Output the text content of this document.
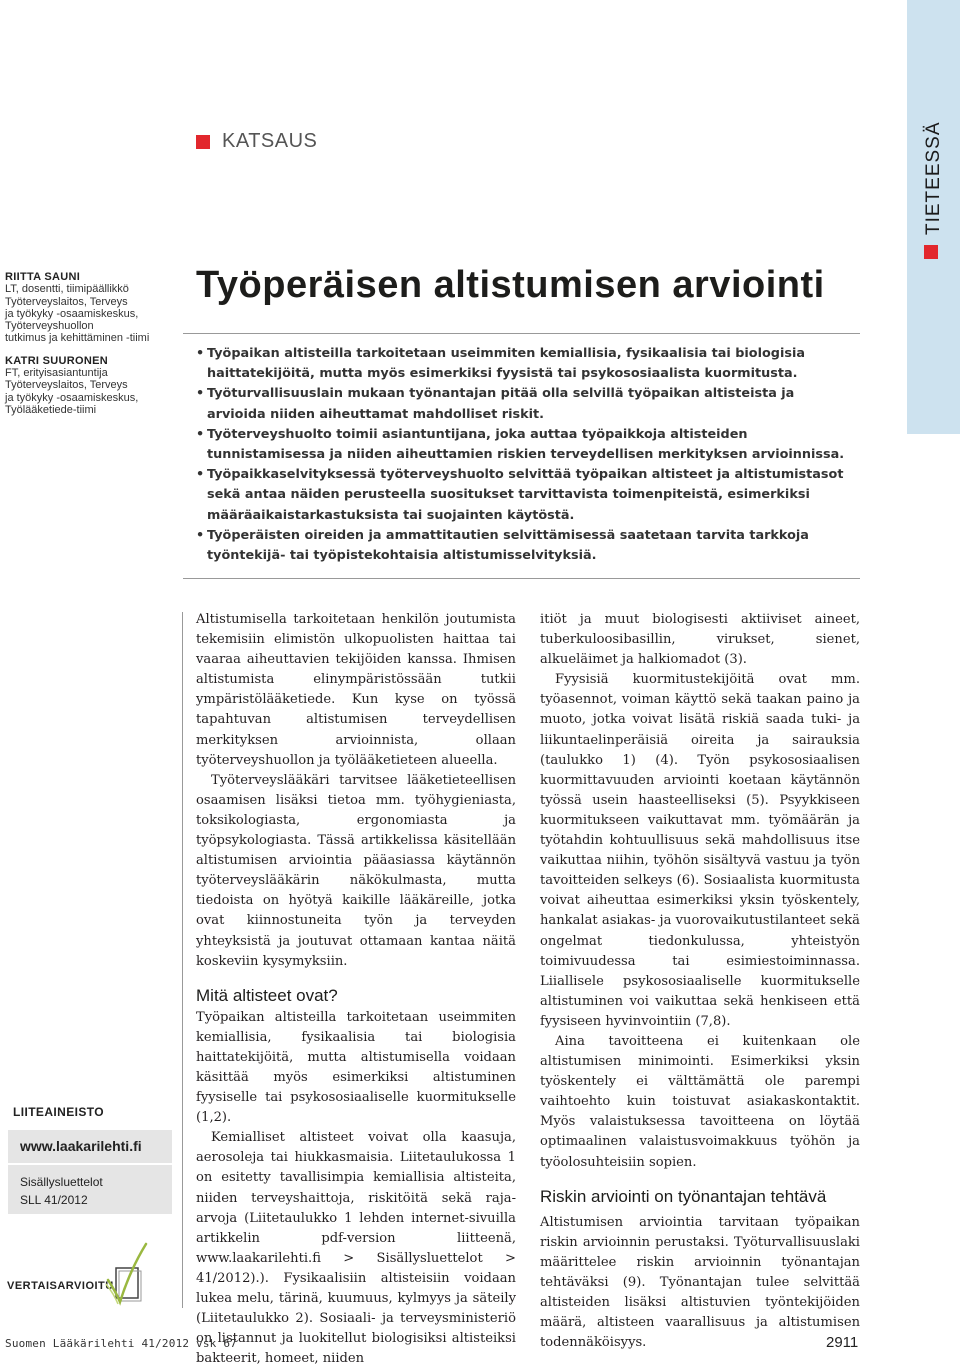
TIETEESSÄ
KATSAUS
RIITTA SAUNI
LT, dosentti, tiimipäällikkö
Työterveyslaitos, Terveys
ja työkyky -osaamiskeskus,
Työterveyshuollon
tutkimus ja kehittäminen -tiimi
KATRI SUURONEN
FT, erityisasiantuntija
Työterveyslaitos, Terveys
ja työkyky -osaamiskeskus,
Työlääketiede-tiimi
Työperäisen altistumisen arviointi
• Työpaikan altisteilla tarkoitetaan useimmiten kemiallisia, fysikaalisia tai biologisia haittatekijöitä, mutta myös esimerkiksi fyysistä tai psykososiaalista kuormitusta.
• Työturvallisuuslain mukaan työnantajan pitää olla selvillä työpaikan altisteista ja arvioida niiden aiheuttamat mahdolliset riskit.
• Työterveyshuolto toimii asiantuntijana, joka auttaa työpaikkoja altisteiden tunnistamisessa ja niiden aiheuttamien riskien terveydellisen merkityksen arvioinnissa.
• Työpaikkaselvityksessä työterveyshuolto selvittää työpaikan altisteet ja altistumistasot sekä antaa näiden perusteella suositukset tarvittavista toimenpiteistä, esimerkiksi määräaikaistarkastuksista tai suojainten käytöstä.
• Työperäisten oireiden ja ammattitautien selvittämisessä saatetaan tarvita tarkkoja työntekijä- tai työpistekohtaisia altistumisselvityksiä.

Altistumisella tarkoitetaan henkilön joutumista tekemisiin elimistön ulkopuolisten haittaa tai vaaraa aiheuttavien tekijöiden kanssa. Ihmisen altistumista elinympäristössään tutkii ympäristölääketiede. Kun kyse on työssä tapahtuvan altistumisen terveydellisen merkityksen arvioinnista, ollaan työterveyshuollon ja työlääketieteen alueella.

Työterveyslääkäri tarvitsee lääketieteellisen osaamisen lisäksi tietoa mm. työhygieniasta, toksikologiasta, ergonomiasta ja työpsykologiasta. Tässä artikkelissa käsitellään altistumisen arviointia pääasiassa käytännön työterveyslääkärin näkökulmasta, mutta tiedoista on hyötyä kaikille lääkäreille, jotka ovat kiinnostuneita työn ja terveyden yhteyksistä ja joutuvat ottamaan kantaa näitä koskeviin kysymyksiin.

Mitä altisteet ovat?

Työpaikan altisteilla tarkoitetaan useimmiten kemiallisia, fysikaalisia tai biologisia haittatekijöitä, mutta altistumisella voidaan käsittää myös esimerkiksi altistuminen fyysiselle tai psykososiaaliselle kuormitukselle (1,2).

Kemialliset altisteet voivat olla kaasuja, aerosoleja tai hiukkasmaisia. Liitetaulukossa 1 on esitetty tavallisimpia kemiallisia altisteita, niiden terveyshaittoja, riskitöitä sekä raja-arvoja (Liitetaulukko 1 lehden internet-sivuilla artikkelin pdf-version liitteenä, www.laakarilehti.fi > Sisällysluettelot > 41/2012).). Fysikaalisiin altisteisiin voidaan lukea melu, tärinä, kuumuus, kylmyys ja säteily (Liitetaulukko 2). Sosiaali- ja terveysministeriö on listannut ja luokitellut biologisiksi altisteiksi bakteerit, homeet, niiden

itiöt ja muut biologisesti aktiiviset aineet, tuberkuloosibasillin, virukset, sienet, alkueläimet ja halkiomadot (3).

Fyysisiä kuormitustekijöitä ovat mm. työasennot, voiman käyttö sekä taakan paino ja muoto, jotka voivat lisätä riskiä saada tuki- ja liikuntaelinperäisiä oireita ja sairauksia (taulukko 1) (4). Työn psykososiaalisen kuormittavuuden arviointi koetaan käytännön työssä usein haasteelliseksi (5). Psyykkiseen kuormitukseen vaikuttavat mm. työmäärän ja työtahdin kohtuullisuus sekä mahdollisuus itse vaikuttaa niihin, työhön sisältyvä vastuu ja työn tavoitteiden selkeys (6). Sosiaalista kuormitusta voivat aiheuttaa esimerkiksi yksin työskentely, hankalat asiakas- ja vuorovaikutustilanteet sekä ongelmat tiedonkulussa, yhteistyön toimivuudessa tai esimiestoiminnassa. Liiallisele psykososiaaliselle kuormitukselle altistuminen voi vaikuttaa sekä henkiseen että fyysiseen hyvinvointiin (7,8).

Aina tavoitteena ei kuitenkaan ole altistumisen minimointi. Esimerkiksi yksin työskentely ei välttämättä ole parempi vaihtoehto kuin toistuvat asiakaskontaktit. Myös valaistuksessa tavoitteena on löytää optimaalinen valaistusvoimakkuus työhön ja työolosuhteisiin sopien.

Riskin arviointi on työnantajan tehtävä

Altistumisen arviointia tarvitaan työpaikan riskin arvioinnin perustaksi. Työturvallisuuslaki määrittelee riskin arvioinnin työnantajan tehtäväksi (9). Työnantajan tulee selvittää altisteiden lisäksi altistuvien työntekijöiden määrä, altisteen vaarallisuus ja altistumisen todennäköisyys.

LIITEAINEISTO
www.laakarilehti.fi
Sisällysluettelot
SLL 41/2012
VERTAISARVIOITU
Suomen Lääkärilehti 41/2012 vsk 67	2911
